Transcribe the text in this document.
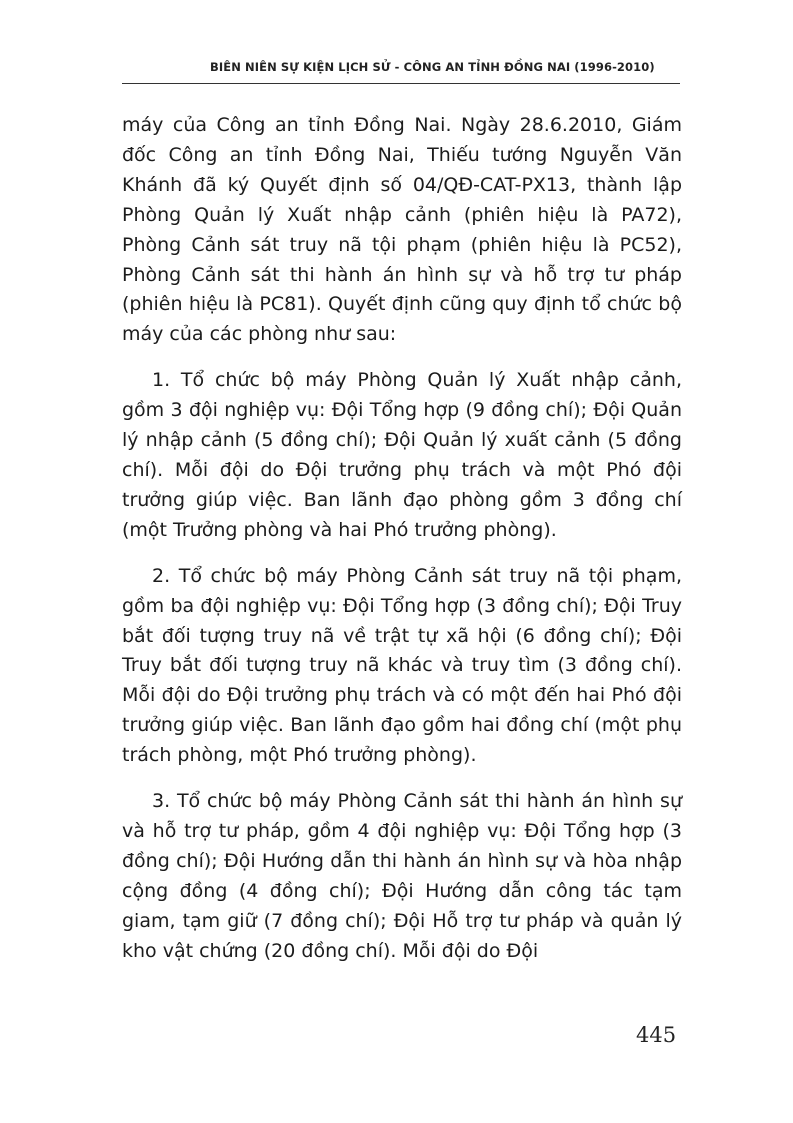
BIÊN NIÊN SỰ KIỆN LỊCH SỬ - CÔNG AN TỈNH ĐỒNG NAI (1996-2010)

máy của Công an tỉnh Đồng Nai. Ngày 28.6.2010, Giám đốc Công an tỉnh Đồng Nai, Thiếu tướng Nguyễn Văn Khánh đã ký Quyết định số 04/QĐ-CAT-PX13, thành lập Phòng Quản lý Xuất nhập cảnh (phiên hiệu là PA72), Phòng Cảnh sát truy nã tội phạm (phiên hiệu là PC52), Phòng Cảnh sát thi hành án hình sự và hỗ trợ tư pháp (phiên hiệu là PC81). Quyết định cũng quy định tổ chức bộ máy của các phòng như sau:

1. Tổ chức bộ máy Phòng Quản lý Xuất nhập cảnh, gồm 3 đội nghiệp vụ: Đội Tổng hợp (9 đồng chí); Đội Quản lý nhập cảnh (5 đồng chí); Đội Quản lý xuất cảnh (5 đồng chí). Mỗi đội do Đội trưởng phụ trách và một Phó đội trưởng giúp việc. Ban lãnh đạo phòng gồm 3 đồng chí (một Trưởng phòng và hai Phó trưởng phòng).

2. Tổ chức bộ máy Phòng Cảnh sát truy nã tội phạm, gồm ba đội nghiệp vụ: Đội Tổng hợp (3 đồng chí); Đội Truy bắt đối tượng truy nã về trật tự xã hội (6 đồng chí); Đội Truy bắt đối tượng truy nã khác và truy tìm (3 đồng chí). Mỗi đội do Đội trưởng phụ trách và có một đến hai Phó đội trưởng giúp việc. Ban lãnh đạo gồm hai đồng chí (một phụ trách phòng, một Phó trưởng phòng).

3. Tổ chức bộ máy Phòng Cảnh sát thi hành án hình sự và hỗ trợ tư pháp, gồm 4 đội nghiệp vụ: Đội Tổng hợp (3 đồng chí); Đội Hướng dẫn thi hành án hình sự và hòa nhập cộng đồng (4 đồng chí); Đội Hướng dẫn công tác tạm giam, tạm giữ (7 đồng chí); Đội Hỗ trợ tư pháp và quản lý kho vật chứng (20 đồng chí). Mỗi đội do Đội

445
